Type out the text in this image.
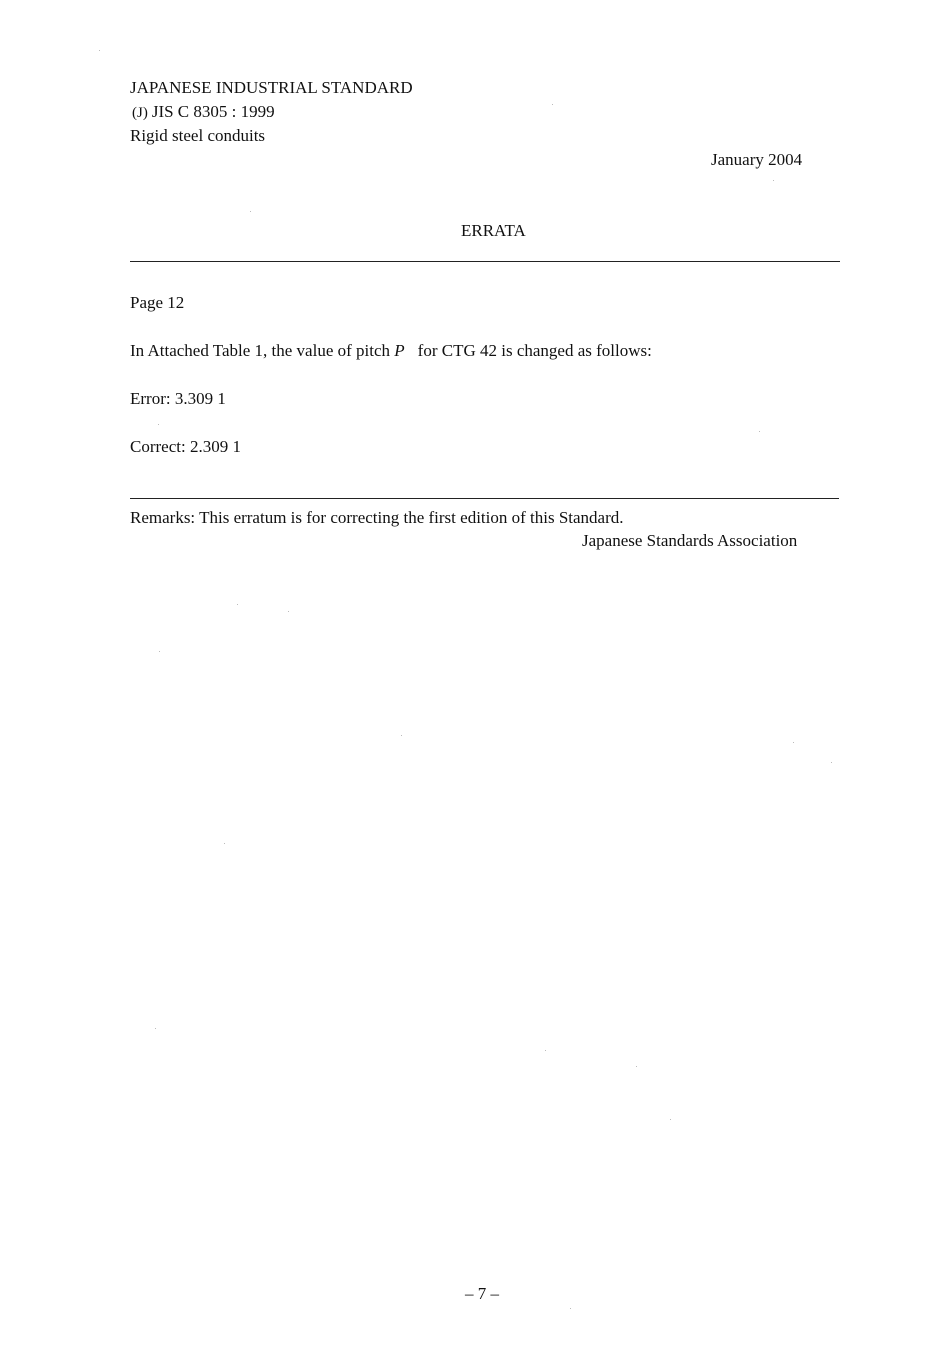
JAPANESE INDUSTRIAL STANDARD
(J) JIS C 8305 : 1999
Rigid steel conduits
January 2004
ERRATA
Page 12
In Attached Table 1, the value of pitch P for CTG 42 is changed as follows:
Error: 3.309 1
Correct: 2.309 1
Remarks: This erratum is for correcting the first edition of this Standard.
Japanese Standards Association
– 7 –
